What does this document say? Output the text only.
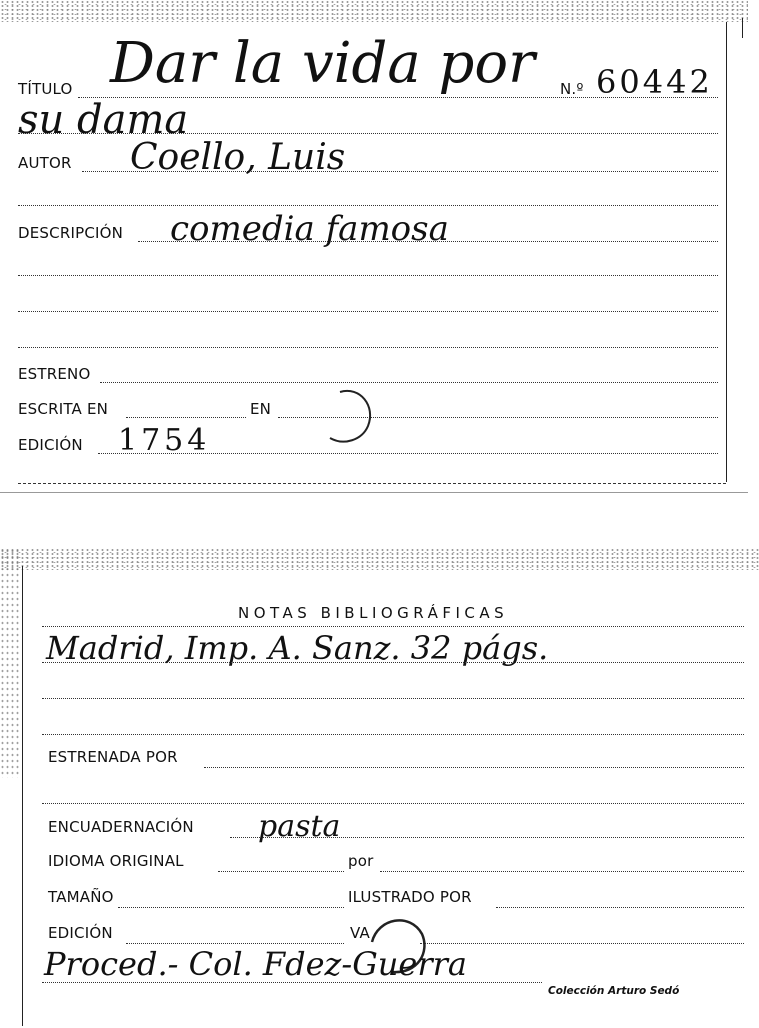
TÍTULO Dar la vida por N.º 60442
su dama
AUTOR Coello, Luis
DESCRIPCIÓN comedia famosa
ESTRENO
ESCRITA EN	EN
EDICIÓN 1754
NOTAS BIBLIOGRÁFICAS
Madrid, Imp. A. Sanz. 32 págs.
ESTRENADA POR
ENCUADERNACIÓN pasta
IDIOMA ORIGINAL	por
TAMAÑO	ILUSTRADO POR
EDICIÓN	VA
Proced.- Col. Fdez-Guerra
Colección Arturo Sedó
